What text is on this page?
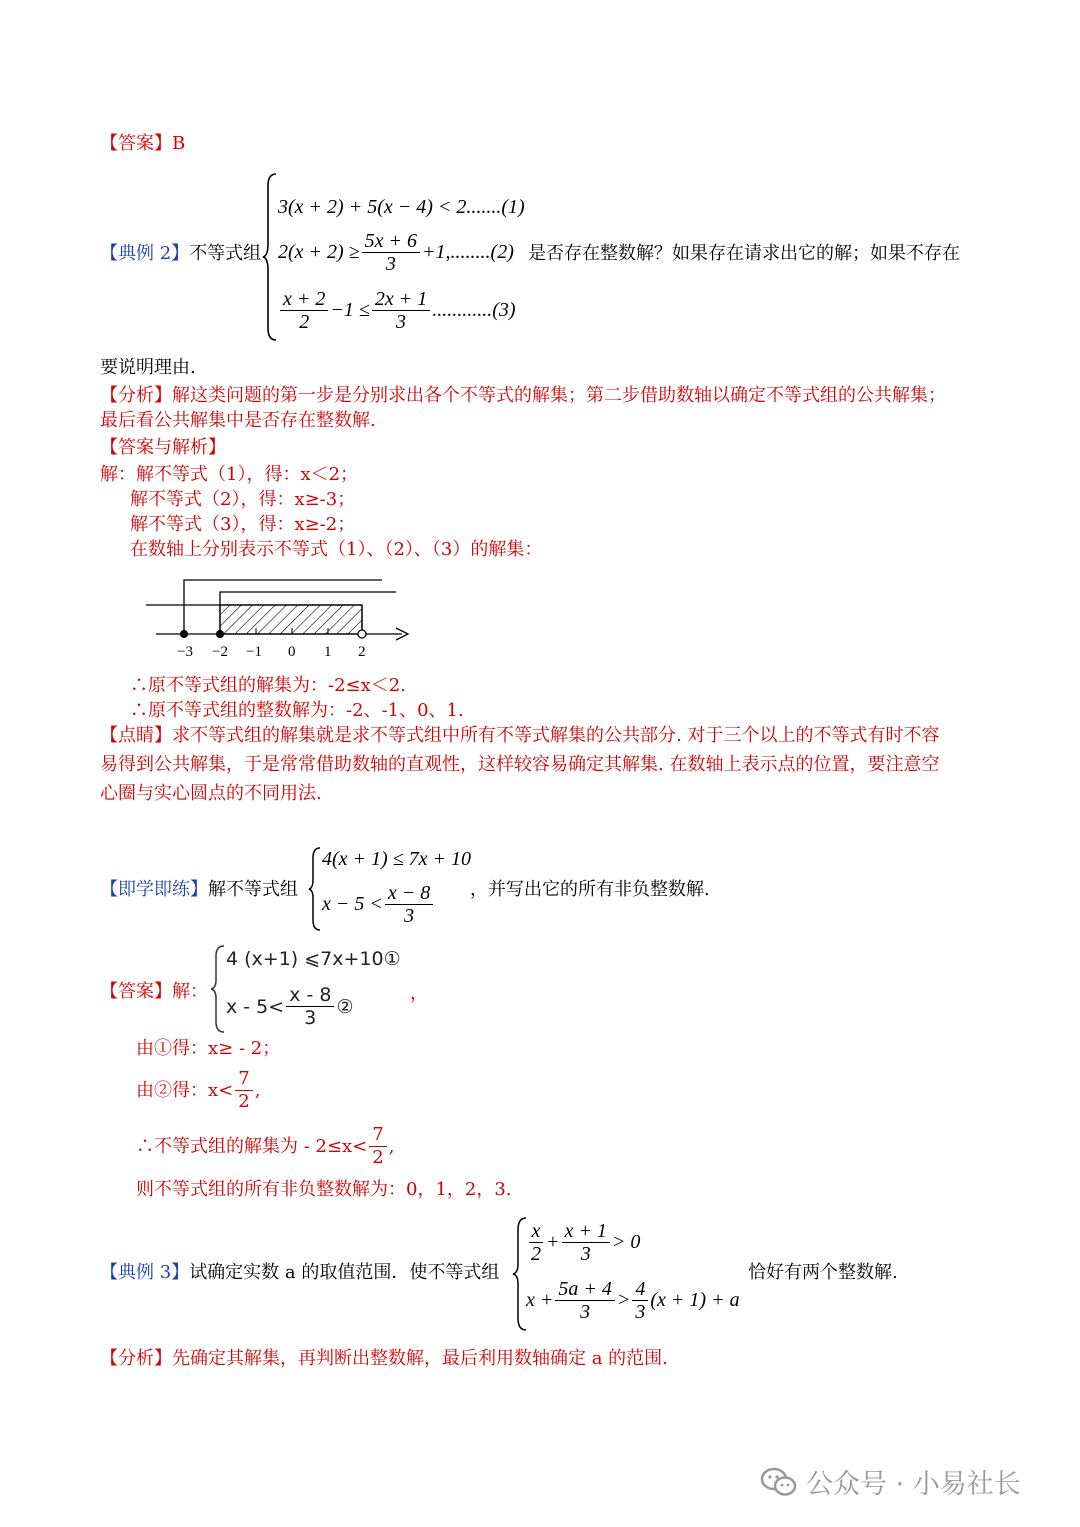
【答案】B
【典例 2】不等式组
3(x + 2) + 5(x − 4) < 2.......(1)
$2(x + 2) \ge \frac{5x + 6}{3} +1,........(2)$
$\frac{x + 2}{2} -1 \le \frac{2x + 1}{3} ............(3)$
是否存在整数解？如果存在请求出它的解；如果不存在
要说明理由.
【分析】解这类问题的第一步是分别求出各个不等式的解集；第二步借助数轴以确定不等式组的公共解集；
最后看公共解集中是否存在整数解.
【答案与解析】
解：解不等式（1），得：x＜2；
解不等式（2），得：x≥-3；
解不等式（3），得：x≥-2；
在数轴上分别表示不等式（1）、（2）、（3）的解集：
−3 −2 −1 0 1 2
∴原不等式组的解集为：-2≤x＜2.
∴原不等式组的整数解为：-2、-1、0、1.
【点睛】求不等式组的解集就是求不等式组中所有不等式解集的公共部分. 对于三个以上的不等式有时不容
易得到公共解集，于是常常借助数轴的直观性，这样较容易确定其解集. 在数轴上表示点的位置，要注意空
心圈与实心圆点的不同用法.
【即学即练】解不等式组
4(x + 1) ≤ 7x + 10
$x - 5 < \frac{x - 8}{3}$ ，并写出它的所有非负整数解.
【答案】解：
4 (x+1) ⩽7x+10①
$x - 5< \frac{x - 8}{3}$ ②
，
由①得：x≥ - 2；
由②得：$x< \frac{7}{2}$ ,
∴不等式组的解集为 - $2\le x< \frac{7}{2}$ ,
则不等式组的所有非负整数解为：0，1，2，3.
【典例 3】试确定实数 a 的取值范围．使不等式组
$\frac{x}{2} + \frac{x + 1}{3} > 0$
$x + \frac{5a + 4}{3} > \frac{4}{3} (x + 1) + a$
恰好有两个整数解.
【分析】先确定其解集，再判断出整数解，最后利用数轴确定 a 的范围.
公众号 · 小易社长
